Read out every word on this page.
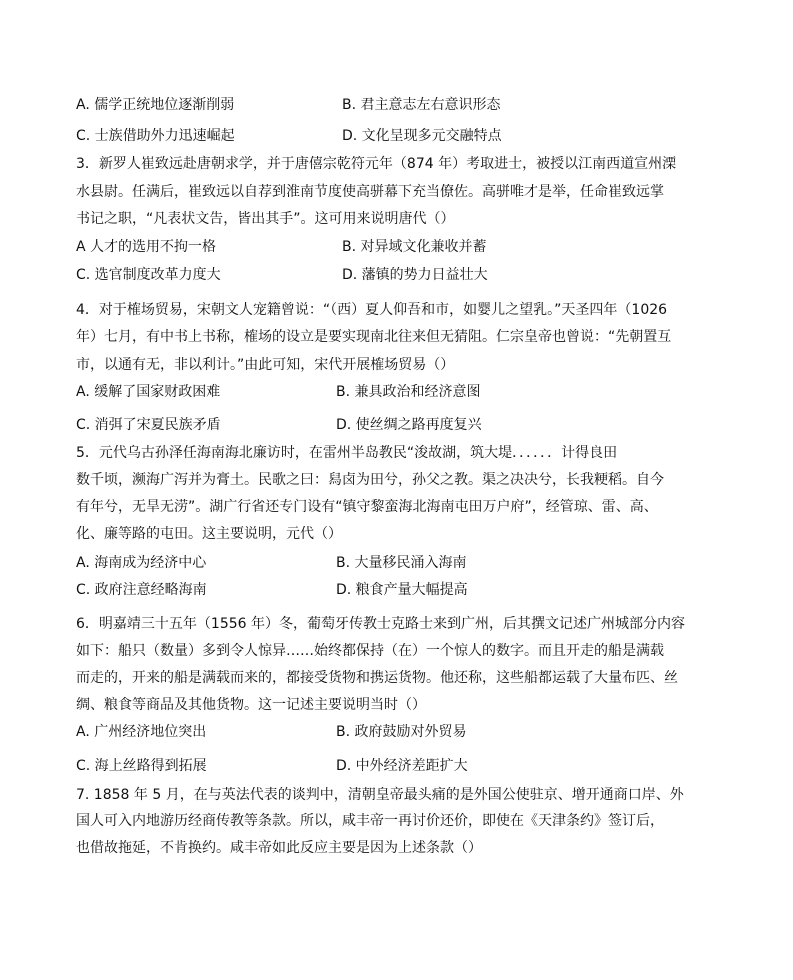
A. 儒学正统地位逐渐削弱	B. 君主意志左右意识形态
C. 士族借助外力迅速崛起	D. 文化呈现多元交融特点
3．新罗人崔致远赴唐朝求学，并于唐僖宗乾符元年（874 年）考取进士，被授以江南西道宣州溧
水县尉。任满后，崔致远以自荐到淮南节度使高骈幕下充当僚佐。高骈唯才是举，任命崔致远掌
书记之职，“凡表状文告，皆出其手”。这可用来说明唐代（）
A 人才的选用不拘一格	B. 对异域文化兼收并蓄
C. 选官制度改革力度大	D. 藩镇的势力日益壮大
4．对于榷场贸易，宋朝文人宠籍曾说：“（西）夏人仰吾和市，如婴儿之望乳。”天圣四年（1026
年）七月，有中书上书称，榷场的设立是要实现南北往来但无猜阻。仁宗皇帝也曾说：“先朝置互
市，以通有无，非以利计。”由此可知，宋代开展榷场贸易（）
A. 缓解了国家财政困难	B. 兼具政治和经济意图
C. 消弭了宋夏民族矛盾	D. 使丝绸之路再度复兴
5．元代乌古孙泽任海南海北廉访时，在雷州半岛教民“浚故湖，筑大堤．．．．．．计得良田
数千顷，濒海广泻并为膏土。民歌之曰：舄卤为田兮，孙父之教。渠之决决兮，长我粳稻。自今
有年兮，无旱无涝”。湖广行省还专门设有“镇守黎蛮海北海南屯田万户府”，经管琼、雷、高、
化、廉等路的屯田。这主要说明，元代（）
A. 海南成为经济中心	B. 大量移民涌入海南
C. 政府注意经略海南	D. 粮食产量大幅提高
6．明嘉靖三十五年（1556 年）冬，葡萄牙传教士克路士来到广州，后其撰文记述广州城部分内容
如下：船只（数量）多到令人惊异……始终都保持（在）一个惊人的数字。而且开走的船是满载
而走的，开来的船是满载而来的，都接受货物和携运货物。他还称，这些船都运载了大量布匹、丝
绸、粮食等商品及其他货物。这一记述主要说明当时（）
A. 广州经济地位突出	B. 政府鼓励对外贸易
C. 海上丝路得到拓展	D. 中外经济差距扩大
7. 1858 年 5 月，在与英法代表的谈判中，清朝皇帝最头痛的是外国公使驻京、增开通商口岸、外
国人可入内地游历经商传教等条款。所以，咸丰帝一再讨价还价，即使在《天津条约》签订后，
也借故拖延，不肯换约。咸丰帝如此反应主要是因为上述条款（）
